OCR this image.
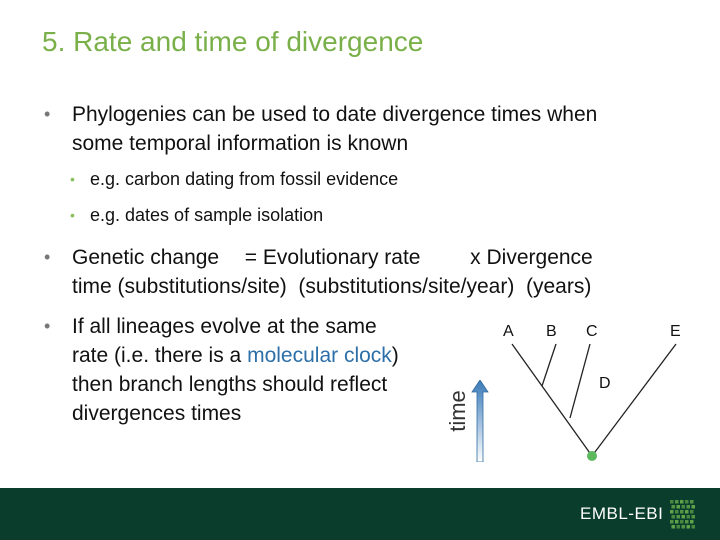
5. Rate and time of divergence
• Phylogenies can be used to date divergence times when
some temporal information is known
• e.g. carbon dating from fossil evidence
• e.g. dates of sample isolation
• Genetic change = Evolutionary rate x Divergence
time (substitutions/site)  (substitutions/site/year)  (years)
• If all lineages evolve at the same
rate (i.e. there is a molecular clock)
then branch lengths should reflect
divergences times	time
A B C	E
D
EMBL-EBI
